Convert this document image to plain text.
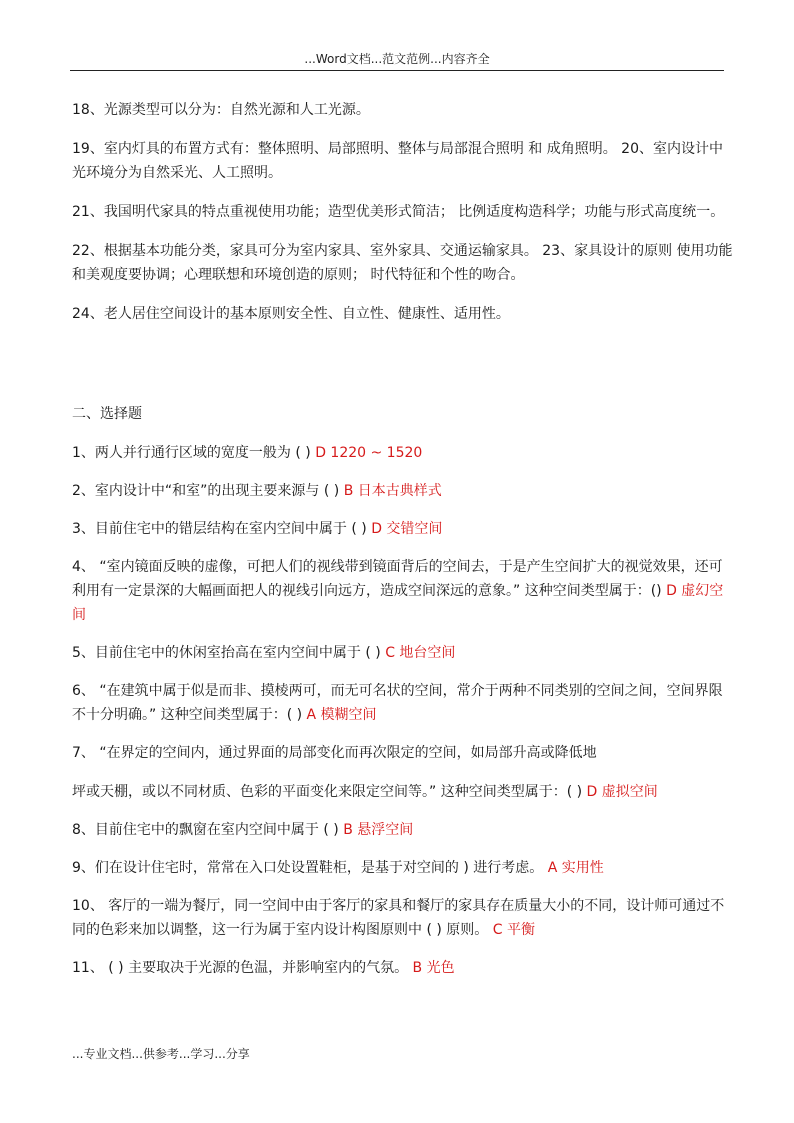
...Word文档...范文范例...内容齐全

18、光源类型可以分为：自然光源和人工光源。

19、室内灯具的布置方式有：整体照明、局部照明、整体与局部混合照明 和 成角照明。 20、室内设计中光环境分为自然采光、人工照明。

21、我国明代家具的特点重视使用功能；造型优美形式简洁； 比例适度构造科学；功能与形式高度统一。

22、根据基本功能分类，家具可分为室内家具、室外家具、交通运输家具。 23、家具设计的原则 使用功能和美观度要协调；心理联想和环境创造的原则； 时代特征和个性的吻合。

24、老人居住空间设计的基本原则安全性、自立性、健康性、适用性。

二、选择题

1、两人并行通行区域的宽度一般为 ( ) D 1220 ~ 1520

2、室内设计中“和室”的出现主要来源与 ( ) B 日本古典样式

3、目前住宅中的错层结构在室内空间中属于 ( ) D 交错空间

4、 “室内镜面反映的虚像，可把人们的视线带到镜面背后的空间去，于是产生空间扩大的视觉效果，还可利用有一定景深的大幅画面把人的视线引向远方，造成空间深远的意象。” 这种空间类型属于：() D 虚幻空间

5、目前住宅中的休闲室抬高在室内空间中属于 ( ) C 地台空间

6、 “在建筑中属于似是而非、摸棱两可，而无可名状的空间，常介于两种不同类别的空间之间，空间界限不十分明确。” 这种空间类型属于：( ) A 模糊空间

7、 “在界定的空间内，通过界面的局部变化而再次限定的空间，如局部升高或降低地

坪或天棚，或以不同材质、色彩的平面变化来限定空间等。” 这种空间类型属于：( ) D 虚拟空间

8、目前住宅中的飘窗在室内空间中属于 ( ) B 悬浮空间

9、们在设计住宅时，常常在入口处设置鞋柜，是基于对空间的 ) 进行考虑。 A 实用性

10、 客厅的一端为餐厅，同一空间中由于客厅的家具和餐厅的家具存在质量大小的不同，设计师可通过不同的色彩来加以调整，这一行为属于室内设计构图原则中 ( ) 原则。 C 平衡

11、 ( ) 主要取决于光源的色温，并影响室内的气氛。 B 光色

...专业文档...供参考...学习...分享
